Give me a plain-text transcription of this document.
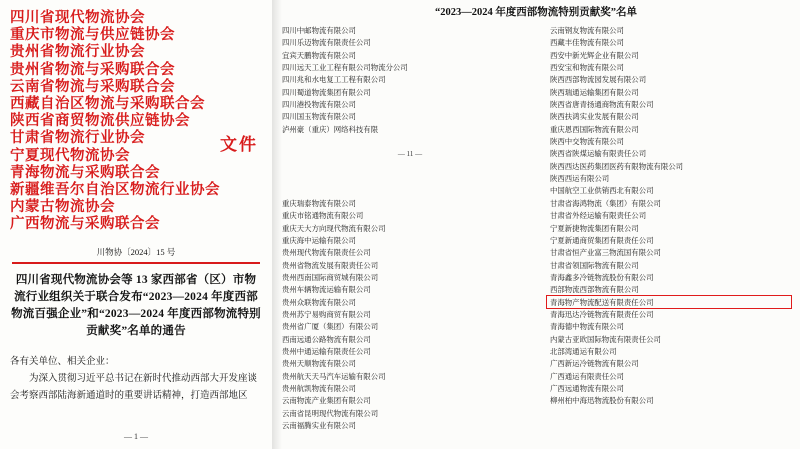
四川省现代物流协会
重庆市物流与供应链协会
贵州省物流行业协会
贵州省物流与采购联合会
云南省物流与采购联合会
西藏自治区物流与采购联合会
陕西省商贸物流供应链协会
甘肃省物流行业协会
宁夏现代物流协会
青海物流与采购联合会
新疆维吾尔自治区物流行业协会
内蒙古物流协会
广西物流与采购联合会
文件
川物协〔2024〕15 号
四川省现代物流协会等 13 家西部省（区）市物流行业组织关于联合发布“2023—2024 年度西部物流百强企业”和“2023—2024 年度西部物流特别贡献奖”名单的通告
各有关单位、相关企业：
为深入贯彻习近平总书记在新时代推动西部大开发座谈
会考察西部陆海新通道时的重要讲话精神，打造西部地区
— 1 —
“2023—2024 年度西部物流特别贡献奖”名单
四川中邮物流有限公司
四川乐迈物流有限责任公司
宜宾天鹏物流有限公司
四川远天工业工程有限公司物流分公司
四川兆和水电复工工程有限公司
四川蜀道物流集团有限公司
四川港投物流有限公司
四川国玉物流有限公司
泸州豪（重庆）网络科技有限
— 11 —
重庆瑞泰物流有限公司
重庆市铭通物流有限公司
重庆天大方向现代物流有限公司
重庆海中运输有限公司
贵州现代物流有限责任公司
贵州省物流发展有限责任公司
贵州西南国际商贸城有限公司
贵州车辆物流运输有限公司
贵州众联物流有限公司
贵州苏宁易购商贸有限公司
贵州省广厦（集团）有限公司
西南远通公路物流有限公司
贵州中通运输有限责任公司
贵州天顺物流有限公司
贵州航天天马汽车运输有限公司
贵州航凯物流有限公司
云南物流产业集团有限公司
云南省昆明现代物流有限公司
云南福腾实业有限公司
云南钢友物流有限公司
西藏丰佳物流有限公司
西安中新光辉企业有限公司
西安宝和物流有限公司
陕西西部物流园发展有限公司
陕西瑞通运输集团有限公司
陕西省唐青扬通商物流有限公司
陕西扶鸿实业发展有限公司
重庆恩西国际物流有限公司
陕西中交物流有限公司
陕西省陕煤运输有限责任公司
陕西西达医药集团医药有限物流有限公司
陕西西运有限公司
中国航空工业供销西北有限公司
甘肃省海鸿物流（集团）有限公司
甘肃省外经运输有限责任公司
宁夏新捷物流集团有限公司
宁夏新通商贸集团有限责任公司
甘肃省恒产业富三物流国有限公司
甘肃省领国际物流有限公司
青海鑫多冷链物流股份有限公司
西部物流西部物流有限公司
青海物产物流配送有限责任公司
青海迅达冷链物流有限责任公司
青海德中物流有限公司
内蒙古亚欧国际物流有限责任公司
北部湾通运有限公司
广西新运冷链物流有限公司
广西通运有限责任公司
广西远通物流有限公司
柳州柏中海迅物流股份有限公司
